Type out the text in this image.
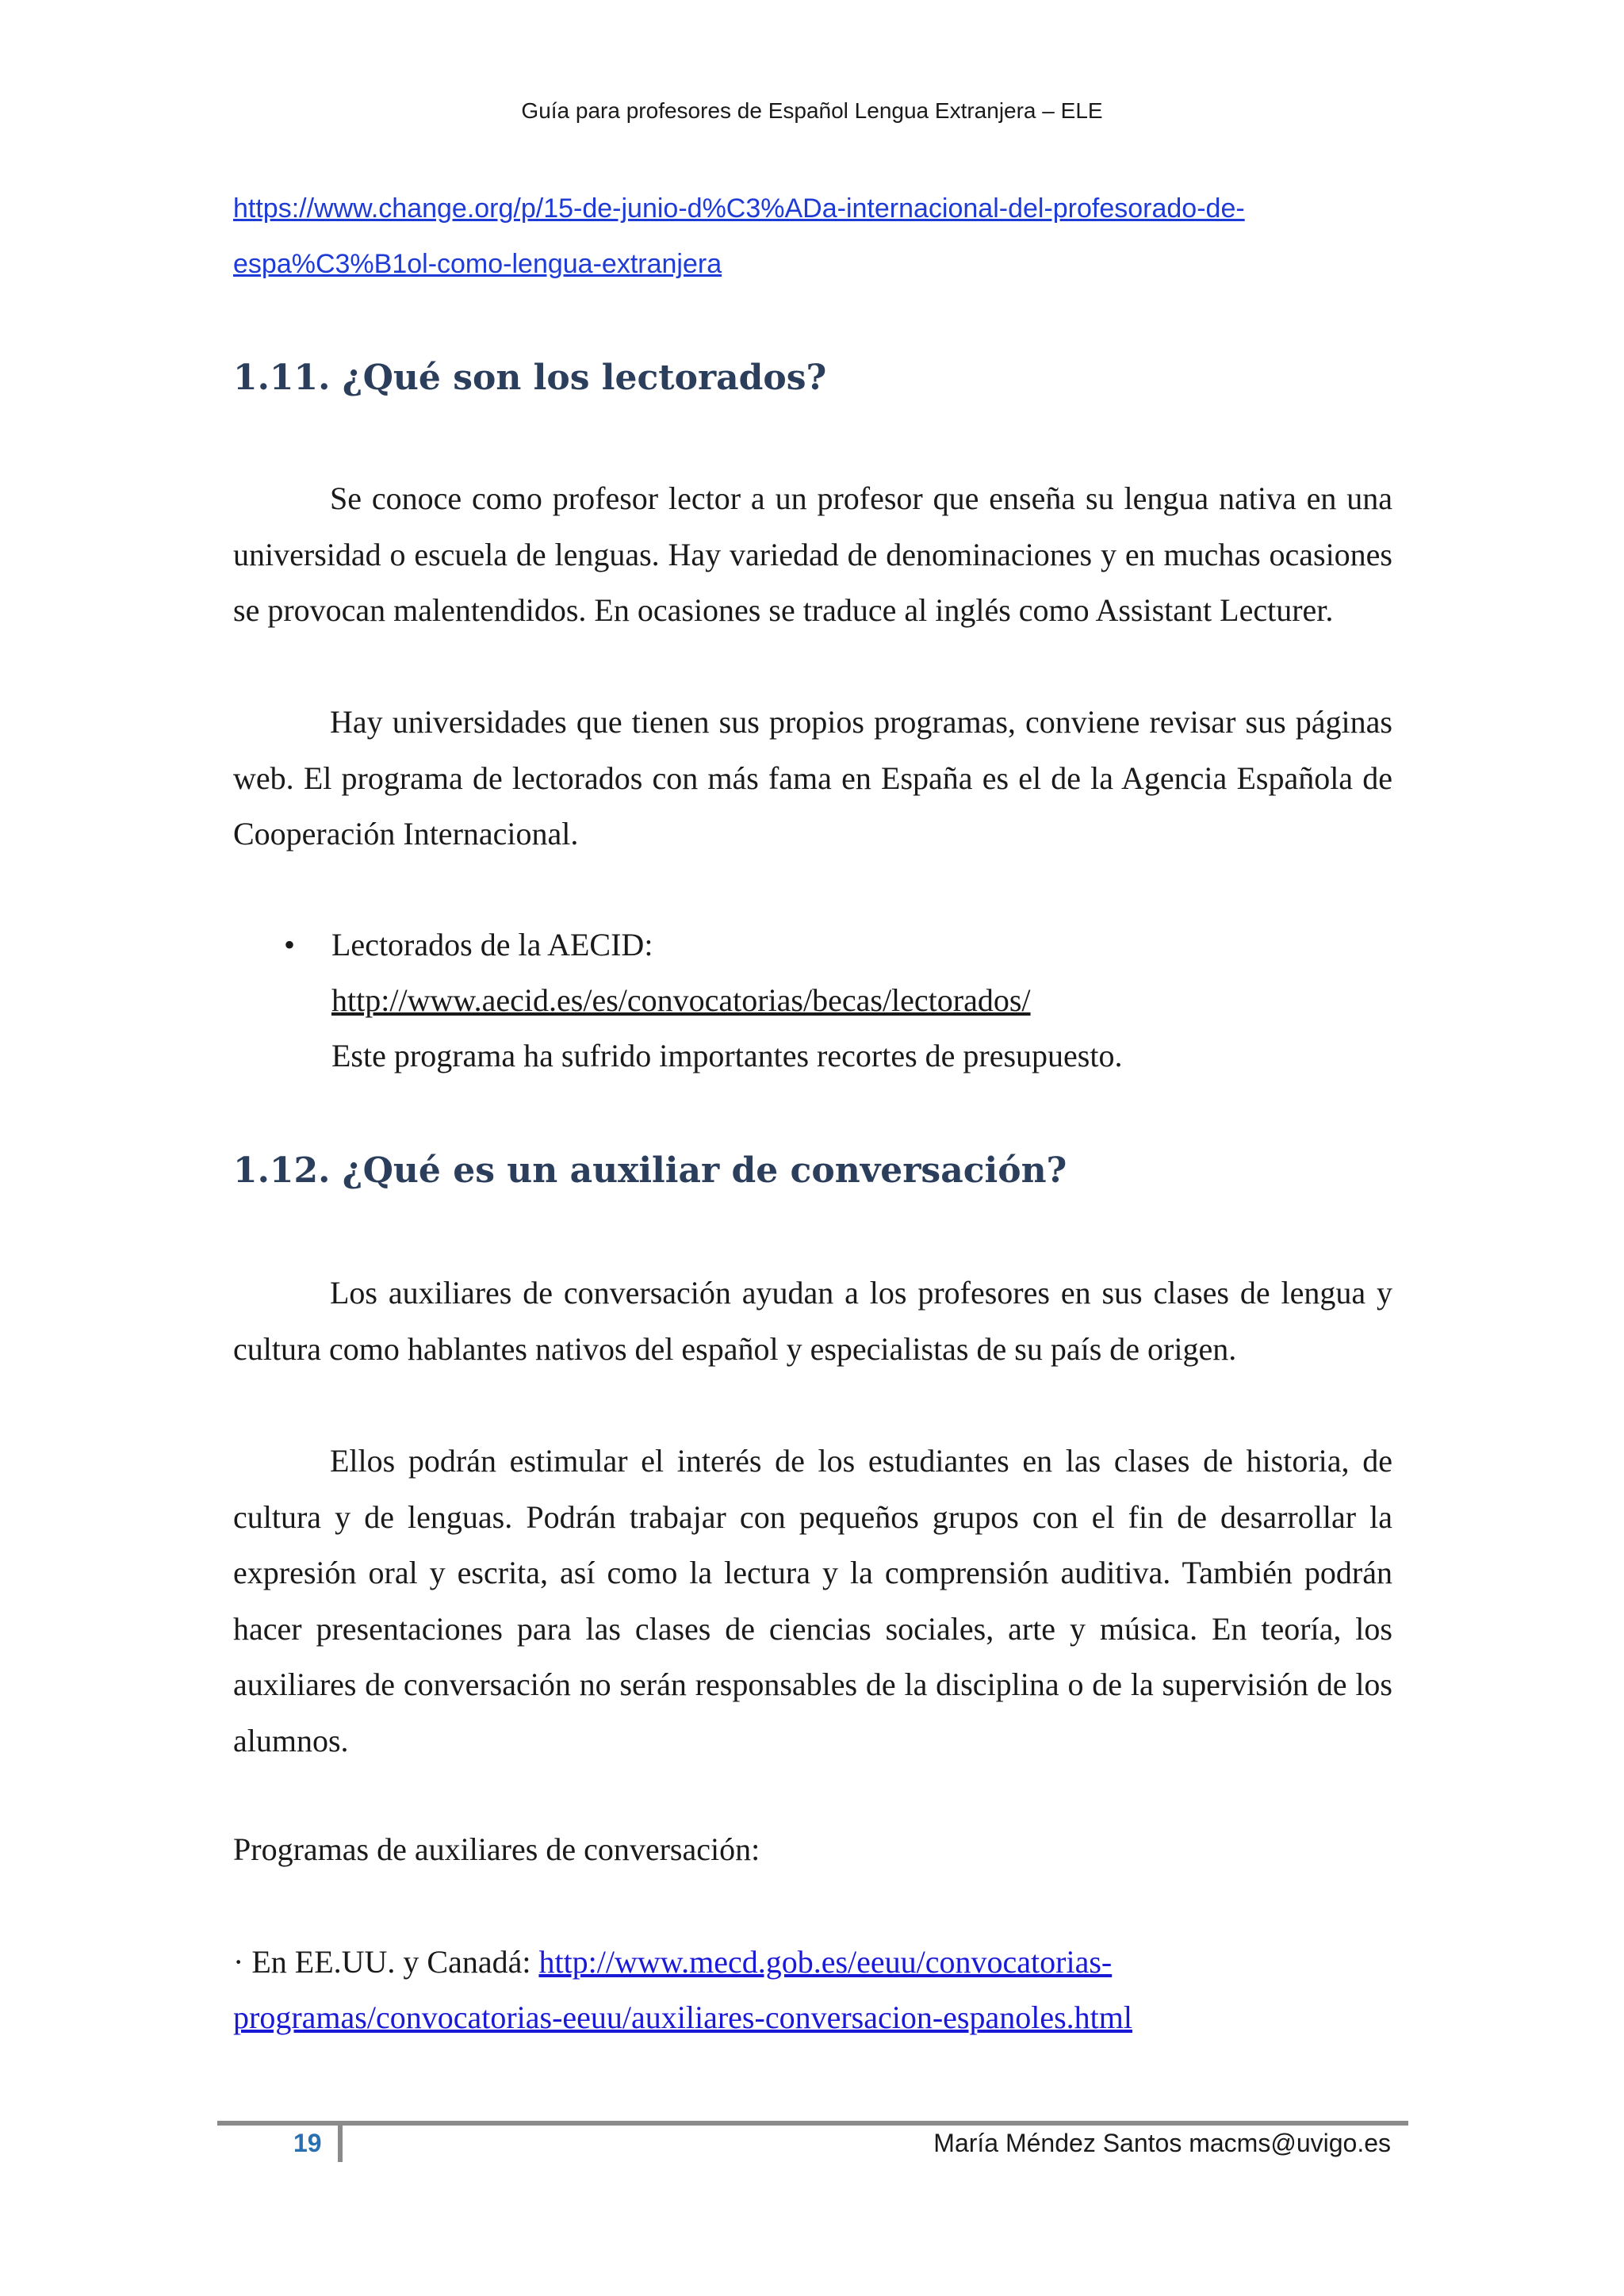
Guía para profesores de Español Lengua Extranjera – ELE
https://www.change.org/p/15-de-junio-d%C3%ADa-internacional-del-profesorado-de-
espa%C3%B1ol-como-lengua-extranjera
1.11. ¿Qué son los lectorados?

Se conoce como profesor lector a un profesor que enseña su lengua nativa en una universidad o escuela de lenguas. Hay variedad de denominaciones y en muchas ocasiones se provocan malentendidos. En ocasiones se traduce al inglés como Assistant Lecturer.

Hay universidades que tienen sus propios programas, conviene revisar sus páginas web. El programa de lectorados con más fama en España es el de la Agencia Española de Cooperación Internacional.

• Lectorados de la AECID:
http://www.aecid.es/es/convocatorias/becas/lectorados/
Este programa ha sufrido importantes recortes de presupuesto.
1.12. ¿Qué es un auxiliar de conversación?

Los auxiliares de conversación ayudan a los profesores en sus clases de lengua y cultura como hablantes nativos del español y especialistas de su país de origen.

Ellos podrán estimular el interés de los estudiantes en las clases de historia, de cultura y de lenguas. Podrán trabajar con pequeños grupos con el fin de desarrollar la expresión oral y escrita, así como la lectura y la comprensión auditiva. También podrán hacer presentaciones para las clases de ciencias sociales, arte y música. En teoría, los auxiliares de conversación no serán responsables de la disciplina o de la supervisión de los alumnos.

Programas de auxiliares de conversación:
· En EE.UU. y Canadá: http://www.mecd.gob.es/eeuu/convocatorias-
programas/convocatorias-eeuu/auxiliares-conversacion-espanoles.html
19	María Méndez Santos macms@uvigo.es
